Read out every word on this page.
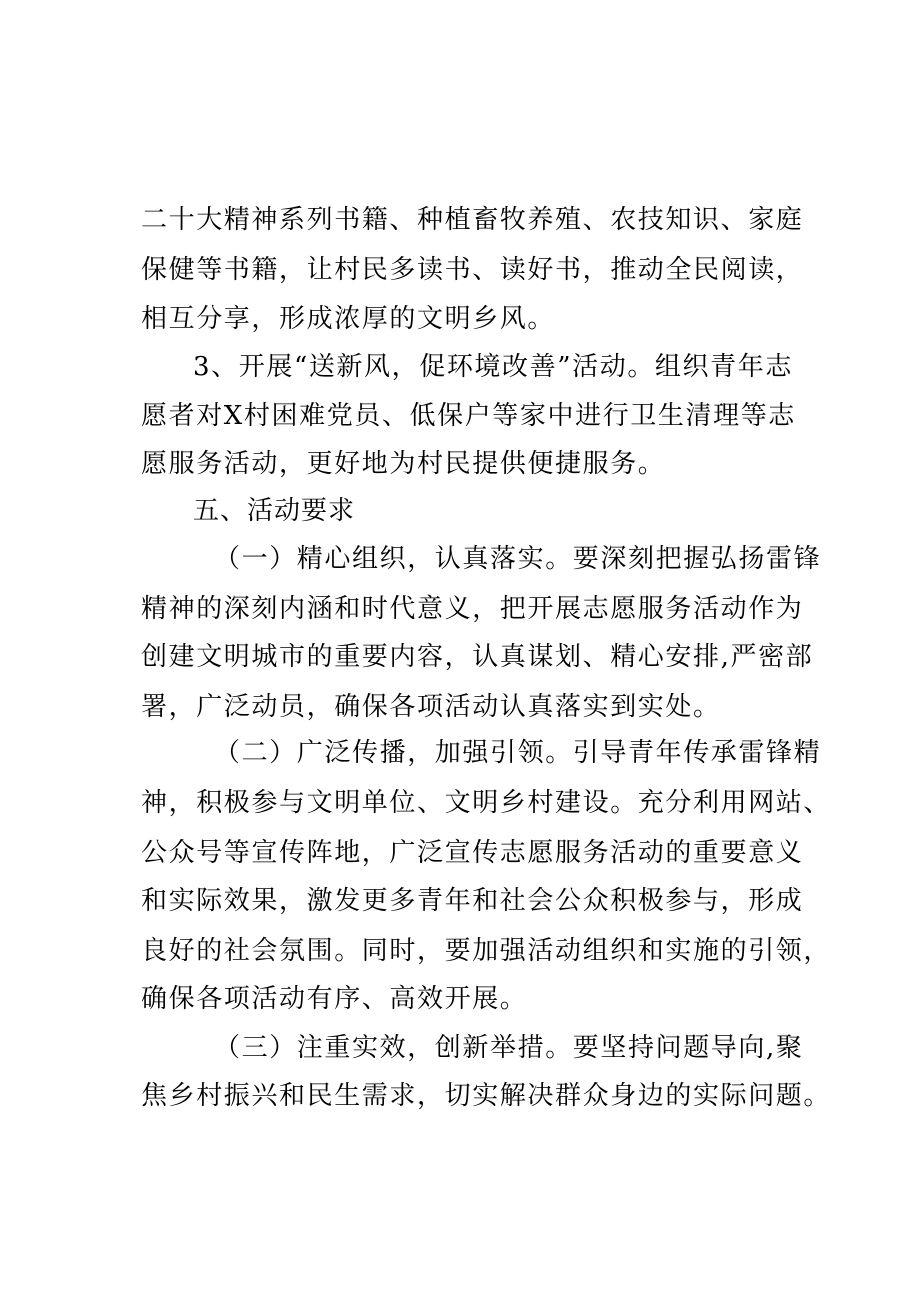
二十大精神系列书籍、种植畜牧养殖、农技知识、家庭
保健等书籍，让村民多读书、读好书，推动全民阅读，
相互分享，形成浓厚的文明乡风。
3、开展“送新风，促环境改善”活动。组织青年志
愿者对X村困难党员、低保户等家中进行卫生清理等志
愿服务活动，更好地为村民提供便捷服务。
五、活动要求
（一）精心组织，认真落实。要深刻把握弘扬雷锋
精神的深刻内涵和时代意义，把开展志愿服务活动作为
创建文明城市的重要内容，认真谋划、精心安排,严密部
署，广泛动员，确保各项活动认真落实到实处。
（二）广泛传播，加强引领。引导青年传承雷锋精
神，积极参与文明单位、文明乡村建设。充分利用网站、
公众号等宣传阵地，广泛宣传志愿服务活动的重要意义
和实际效果，激发更多青年和社会公众积极参与，形成
良好的社会氛围。同时，要加强活动组织和实施的引领，
确保各项活动有序、高效开展。
（三）注重实效，创新举措。要坚持问题导向,聚
焦乡村振兴和民生需求，切实解决群众身边的实际问题。
